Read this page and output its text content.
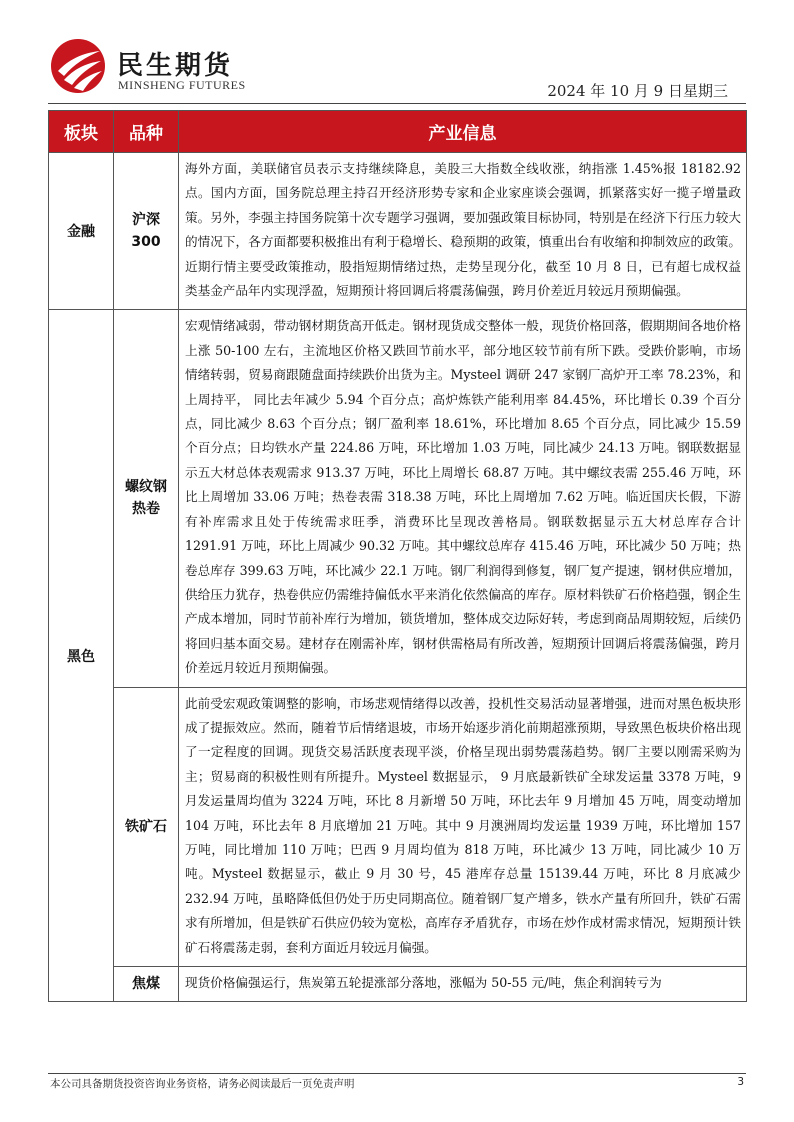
民生期货
MINSHENG FUTURES	2024 年 10 月 9 日星期三
板块	品种	产业信息
金融	沪深300	海外方面，美联储官员表示支持继续降息，美股三大指数全线收涨，纳指涨 1.45%报 18182.92 点。国内方面，国务院总理主持召开经济形势专家和企业家座谈会强调，抓紧落实好一揽子增量政策。另外，李强主持国务院第十次专题学习强调，要加强政策目标协同，特别是在经济下行压力较大的情况下，各方面都要积极推出有利于稳增长、稳预期的政策，慎重出台有收缩和抑制效应的政策。近期行情主要受政策推动，股指短期情绪过热，走势呈现分化，截至 10 月 8 日，已有超七成权益类基金产品年内实现浮盈，短期预计将回调后将震荡偏强，跨月价差近月较远月预期偏强。
黑色	螺纹钢热卷	宏观情绪减弱，带动钢材期货高开低走。钢材现货成交整体一般，现货价格回落，假期期间各地价格上涨 50-100 左右，主流地区价格又跌回节前水平，部分地区较节前有所下跌。受跌价影响，市场情绪转弱，贸易商跟随盘面持续跌价出货为主。Mysteel 调研 247 家钢厂高炉开工率 78.23%，和上周持平， 同比去年减少 5.94 个百分点；高炉炼铁产能利用率 84.45%，环比增长 0.39 个百分点，同比减少 8.63 个百分点；钢厂盈利率 18.61%，环比增加 8.65 个百分点，同比减少 15.59 个百分点；日均铁水产量 224.86 万吨，环比增加 1.03 万吨，同比减少 24.13 万吨。钢联数据显示五大材总体表观需求 913.37 万吨，环比上周增长 68.87 万吨。其中螺纹表需 255.46 万吨，环比上周增加 33.06 万吨；热卷表需 318.38 万吨，环比上周增加 7.62 万吨。临近国庆长假，下游有补库需求且处于传统需求旺季，消费环比呈现改善格局。钢联数据显示五大材总库存合计 1291.91 万吨，环比上周减少 90.32 万吨。其中螺纹总库存 415.46 万吨，环比减少 50 万吨；热卷总库存 399.63 万吨，环比减少 22.1 万吨。钢厂利润得到修复，钢厂复产提速，钢材供应增加，供给压力犹存，热卷供应仍需维持偏低水平来消化依然偏高的库存。原材料铁矿石价格趋强，钢企生产成本增加，同时节前补库行为增加，锁货增加，整体成交边际好转，考虑到商品周期较短，后续仍将回归基本面交易。建材存在刚需补库，钢材供需格局有所改善，短期预计回调后将震荡偏强，跨月价差远月较近月预期偏强。
	铁矿石	此前受宏观政策调整的影响，市场悲观情绪得以改善，投机性交易活动显著增强，进而对黑色板块形成了提振效应。然而，随着节后情绪退坡，市场开始逐步消化前期超涨预期，导致黑色板块价格出现了一定程度的回调。现货交易活跃度表现平淡，价格呈现出弱势震荡趋势。钢厂主要以刚需采购为主；贸易商的积极性则有所提升。Mysteel 数据显示， 9 月底最新铁矿全球发运量 3378 万吨，9 月发运量周均值为 3224 万吨，环比 8 月新增 50 万吨，环比去年 9 月增加 45 万吨，周变动增加 104 万吨，环比去年 8 月底增加 21 万吨。其中 9 月澳洲周均发运量 1939 万吨，环比增加 157 万吨，同比增加 110 万吨；巴西 9 月周均值为 818 万吨，环比减少 13 万吨，同比减少 10 万吨。Mysteel 数据显示，截止 9 月 30 号，45 港库存总量 15139.44 万吨，环比 8 月底减少 232.94 万吨，虽略降低但仍处于历史同期高位。随着钢厂复产增多，铁水产量有所回升，铁矿石需求有所增加，但是铁矿石供应仍较为宽松，高库存矛盾犹存，市场在炒作成材需求情况，短期预计铁矿石将震荡走弱，套利方面近月较远月偏强。
	焦煤	现货价格偏强运行，焦炭第五轮提涨部分落地，涨幅为 50-55 元/吨，焦企利润转亏为
本公司具备期货投资咨询业务资格，请务必阅读最后一页免责声明	3
